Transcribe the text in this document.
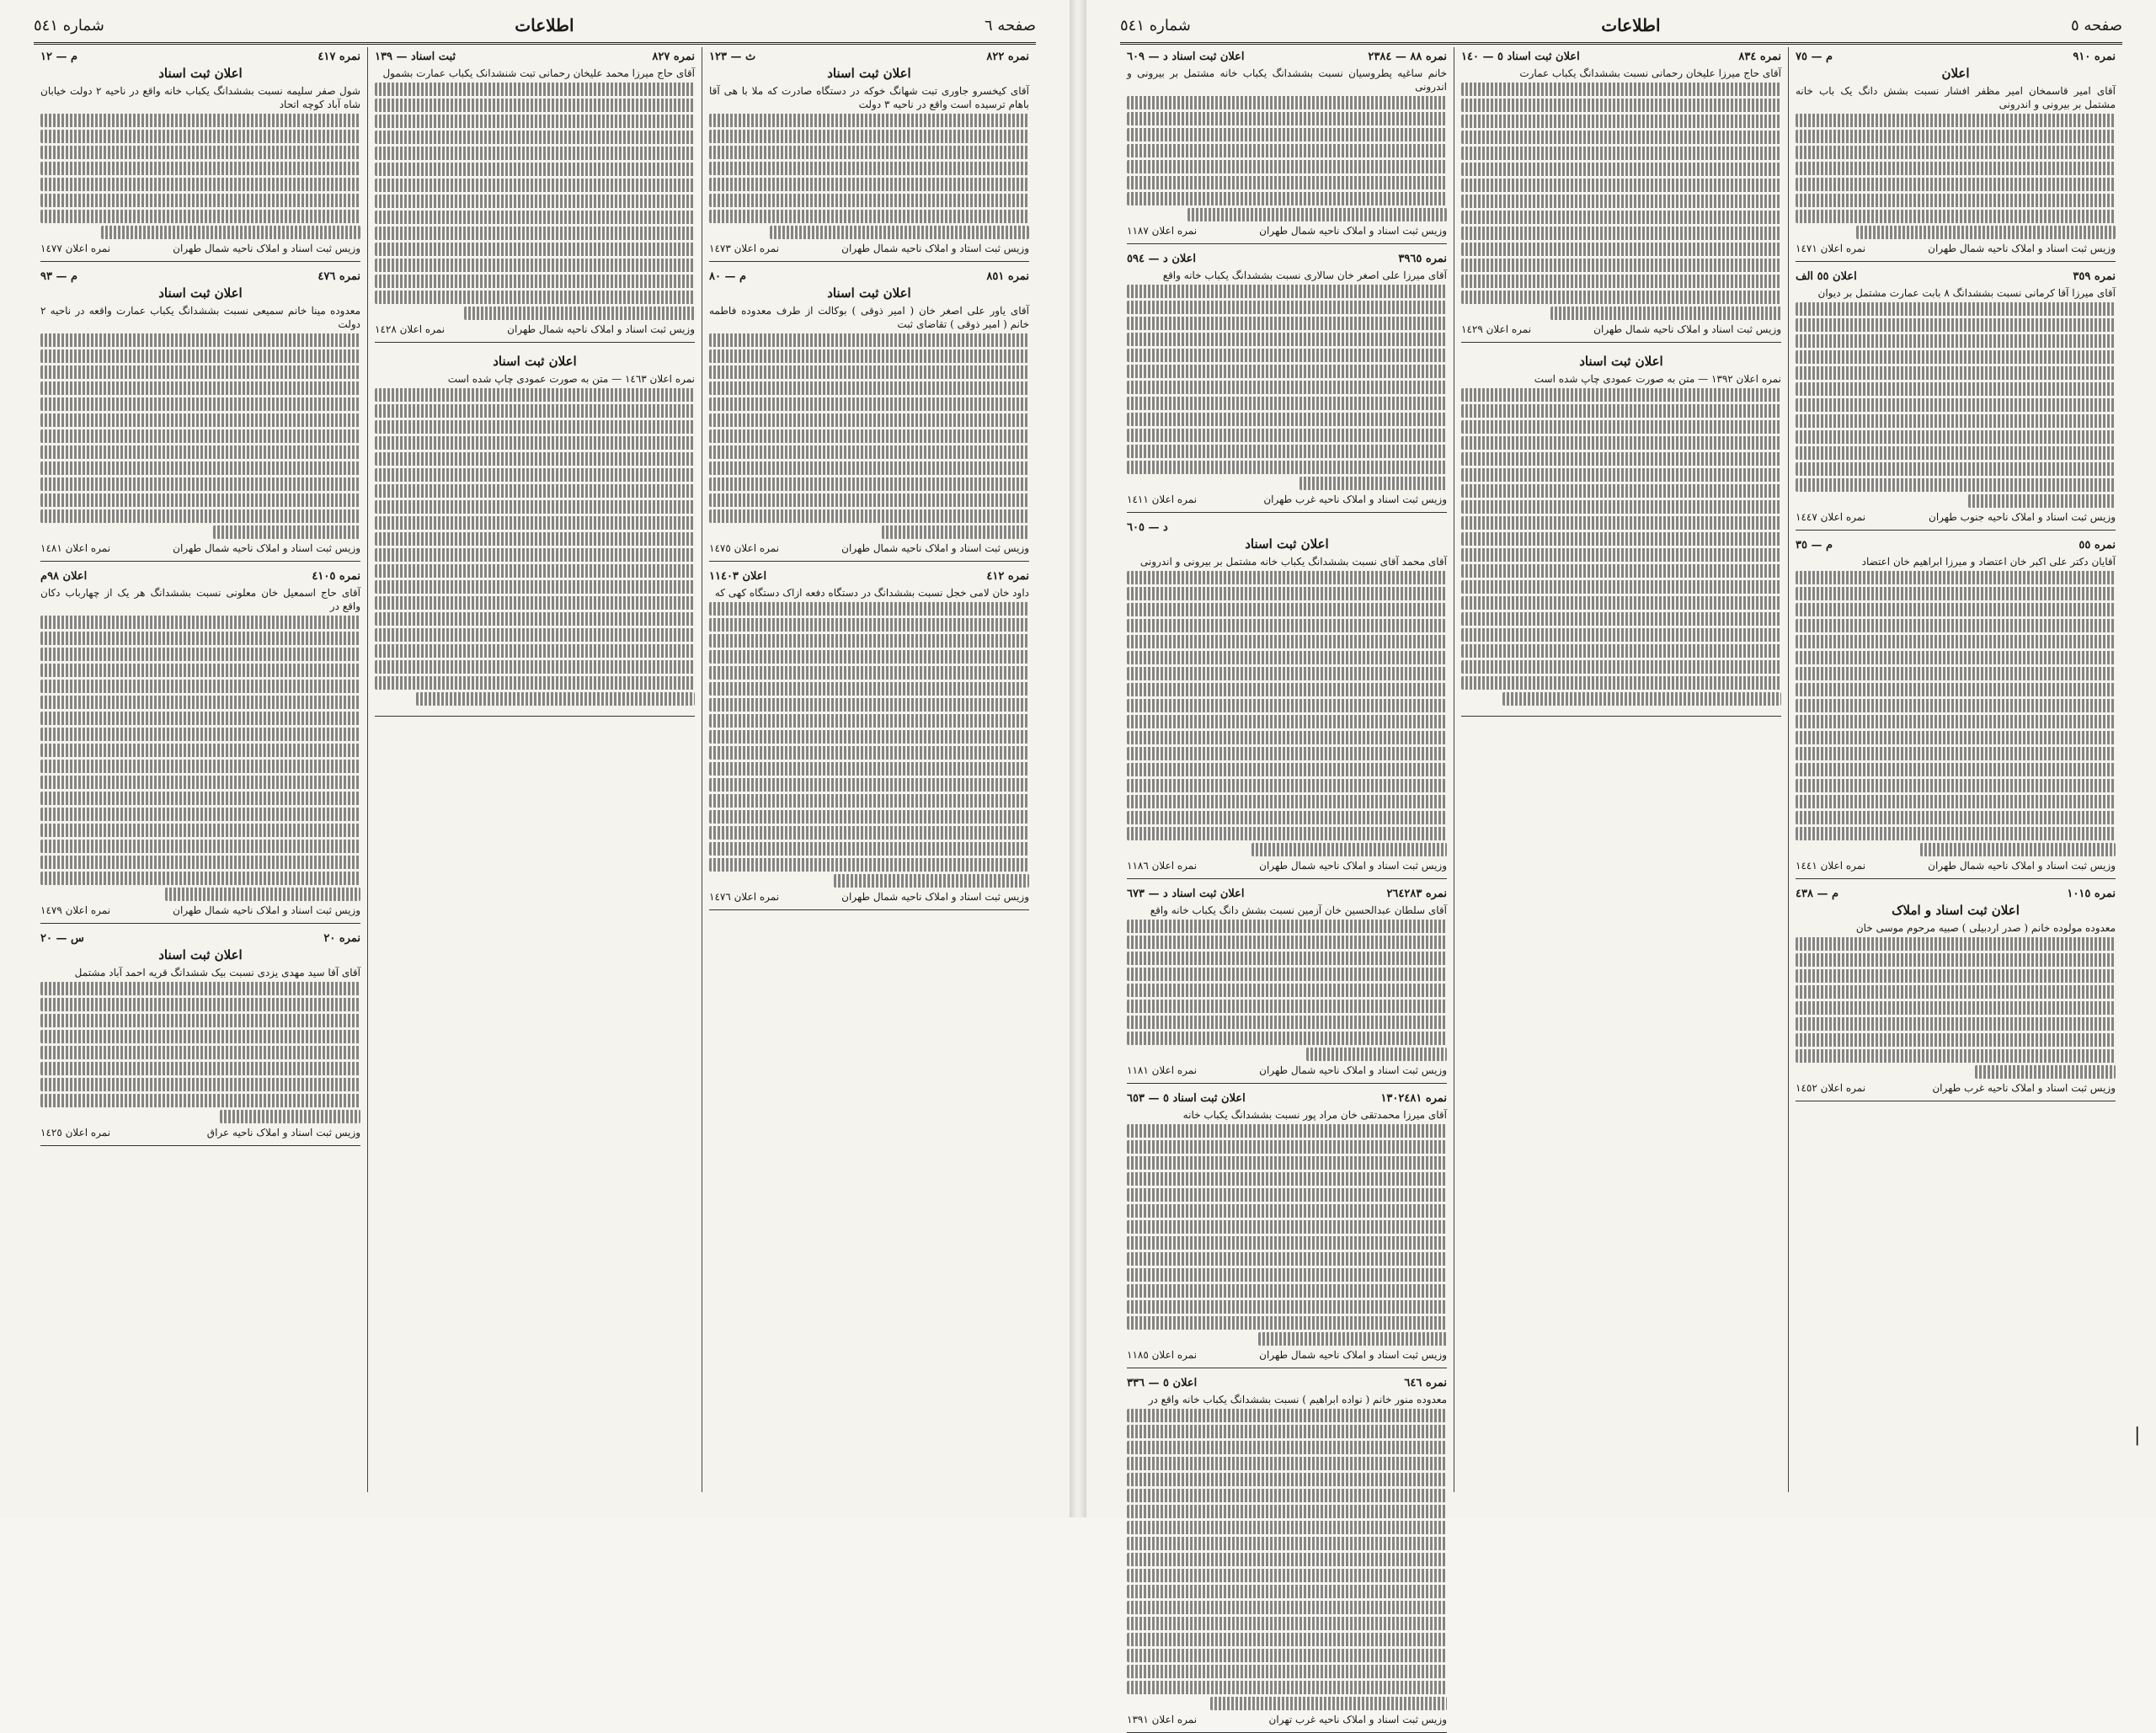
صفحه ٦
اطلاعات
شماره ٥٤١
نمره ٨٢٢
ث — ١٢٣
اعلان ثبت اسناد
آقای کیخسرو جاوری تبت شهانگ خوکه در دستگاه صادرت که ملا با هی آقا باهام ترسیده است واقع در ناحیه ۳ دولت
وزیس ثبت استاد و املاک ناحیه شمال طهران
نمره اعلان ١٤٧٣
نمره ٨٥١
م — ٨٠
اعلان ثبت اسناد
آقای یاور علی اصغر خان ( امیر ذوقی ) بوکالت از طرف معدوده فاطمه خانم ( امیر ذوقی ) تقاضای ثبت
وزیس ثبت اسناد و املاک ناحیه شمال طهران
نمره اعلان ١٤٧٥
نمره ٤١٢
اعلان ١١٤٠٣
داود خان لامی خجل نسبت بششدانگ در دستگاه دفعه ازاک دستگاه کهی که
وزیس ثبت اسناد و املاک ناحیه شمال طهران
نمره اعلان ١٤٧٦
نمره ٨٢٧
ثبت اسناد — ١٣٩
آقای حاج میرزا محمد علیخان رحمانی تبت شنشدانک یکباب عمارت بشمول
وزیس ثبت اسناد و املاک ناحیه شمال طهران
نمره اعلان ١٤٢٨
اعلان ثبت اسناد
نمره اعلان ١٤٦٣ — متن به صورت عمودی چاپ شده است
نمره ٤١٧
م — ١٢
اعلان ثبت اسناد
شول صفر سلیمه نسبت بششدانگ یکباب خانه واقع در ناحیه ۲ دولت خیابان شاه آباد کوچه اتحاد
وزیس ثبت اسناد و املاک ناحیه شمال طهران
نمره اعلان ١٤٧٧
نمره ٤٧٦
م — ٩٣
اعلان ثبت اسناد
معدوده مینا خانم سمیعی نسبت بششدانگ یکباب عمارت واقعه در ناحیه ۲ دولت
وزیس ثبت اسناد و املاک ناحیه شمال طهران
نمره اعلان ١٤٨١
نمره ٤١٠٥
اعلان ٩٨م
آقای حاج اسمعیل خان معلونی نسبت بششدانگ هر یک از چهارباب دکان واقع در
وزیس ثبت اسناد و املاک ناحیه شمال طهران
نمره اعلان ١٤٧٩
نمره ٢٠
س — ٢٠
اعلان ثبت اسناد
آقای آقا سید مهدی یزدی نسبت بیک ششدانگ قریه احمد آباد مشتمل
وزیس ثبت اسناد و املاک ناحیه عراق
نمره اعلان ١٤٢٥
صفحه ٥
اطلاعات
شماره ٥٤١
نمره ٩١٠
م — ٧٥
اعلان
آقای امیر قاسمخان امیر مظفر افشار نسبت بشش دانگ یک باب خانه مشتمل بر بیرونی و اندرونی
وزیس ثبت اسناد و املاک ناحیه شمال طهران
نمره اعلان ١٤٧١
نمره ٣٥٩
اعلان ٥٥ الف
آقای میرزا آقا کرمانی نسبت بششدانگ ۸ بابت عمارت مشتمل بر دیوان
وزیس ثبت اسناد و املاک ناحیه جنوب طهران
نمره اعلان ١٤٤٧
نمره ٥٥
م — ٣٥
آقایان دکتر علی اکبر خان اعتضاد و میرزا ابراهیم خان اعتضاد
وزیس ثبت اسناد و املاک ناحیه شمال طهران
نمره اعلان ١٤٤١
نمره ١٠١٥
م — ٤٣٨
اعلان ثبت اسناد و املاک
معدوده مولوده خانم ( صدر اردبیلی ) صبیه مرحوم موسی خان
وزیس ثبت اسناد و املاک ناحیه غرب طهران
نمره اعلان ١٤٥٢
نمره ٨٣٤
اعلان ثبت اسناد ٥ — ١٤٠
آقای حاج میرزا علیخان رحمانی نسبت بششدانگ یکباب عمارت
وزیس ثبت اسناد و املاک ناحیه شمال طهران
نمره اعلان ١٤٢٩
اعلان ثبت اسناد
نمره اعلان ١٣٩٢ — متن به صورت عمودی چاپ شده است
نمره ٨٨ — ٢٣٨٤
اعلان ثبت اسناد د — ٦٠٩
خانم ساغیه پطروسیان نسبت بششدانگ یکباب خانه مشتمل بر بیرونی و اندرونی
وزیس ثبت اسناد و املاک ناحیه شمال طهران
نمره اعلان ١١٨٧
نمره ٣٩٦٥
اعلان د — ٥٩٤
آقای میرزا علی اصغر خان سالاری نسبت بششدانگ یکباب خانه واقع
وزیس ثبت اسناد و املاک ناحیه غرب طهران
نمره اعلان ١٤١١
د — ٦٠٥
اعلان ثبت اسناد
آقای محمد آقای نسبت بششدانگ یکباب خانه مشتمل بر بیرونی و اندرونی
وزیس ثبت اسناد و املاک ناحیه شمال طهران
نمره اعلان ١١٨٦
نمره ٢٦٤٢٨٣
اعلان ثبت اسناد د — ٦٧٣
آقای سلطان عبدالحسین خان آزمین نسبت بشش دانگ یکباب خانه واقع
وزیس ثبت اسناد و املاک ناحیه شمال طهران
نمره اعلان ١١٨١
نمره ١٣٠٢٤٨١
اعلان ثبت اسناد ٥ — ٦٥٣
آقای میرزا محمدتقی خان مراد پور نسبت بششدانگ یکباب خانه
وزیس ثبت اسناد و املاک ناحیه شمال طهران
نمره اعلان ١١٨٥
نمره ٦٤٦
اعلان ٥ — ٣٣٦
معدوده منور خانم ( نواده ابراهیم ) نسبت بششدانگ یکباب خانه واقع در
وزیس ثبت اسناد و املاک ناحیه غرب تهران
نمره اعلان ١٣٩١
|
